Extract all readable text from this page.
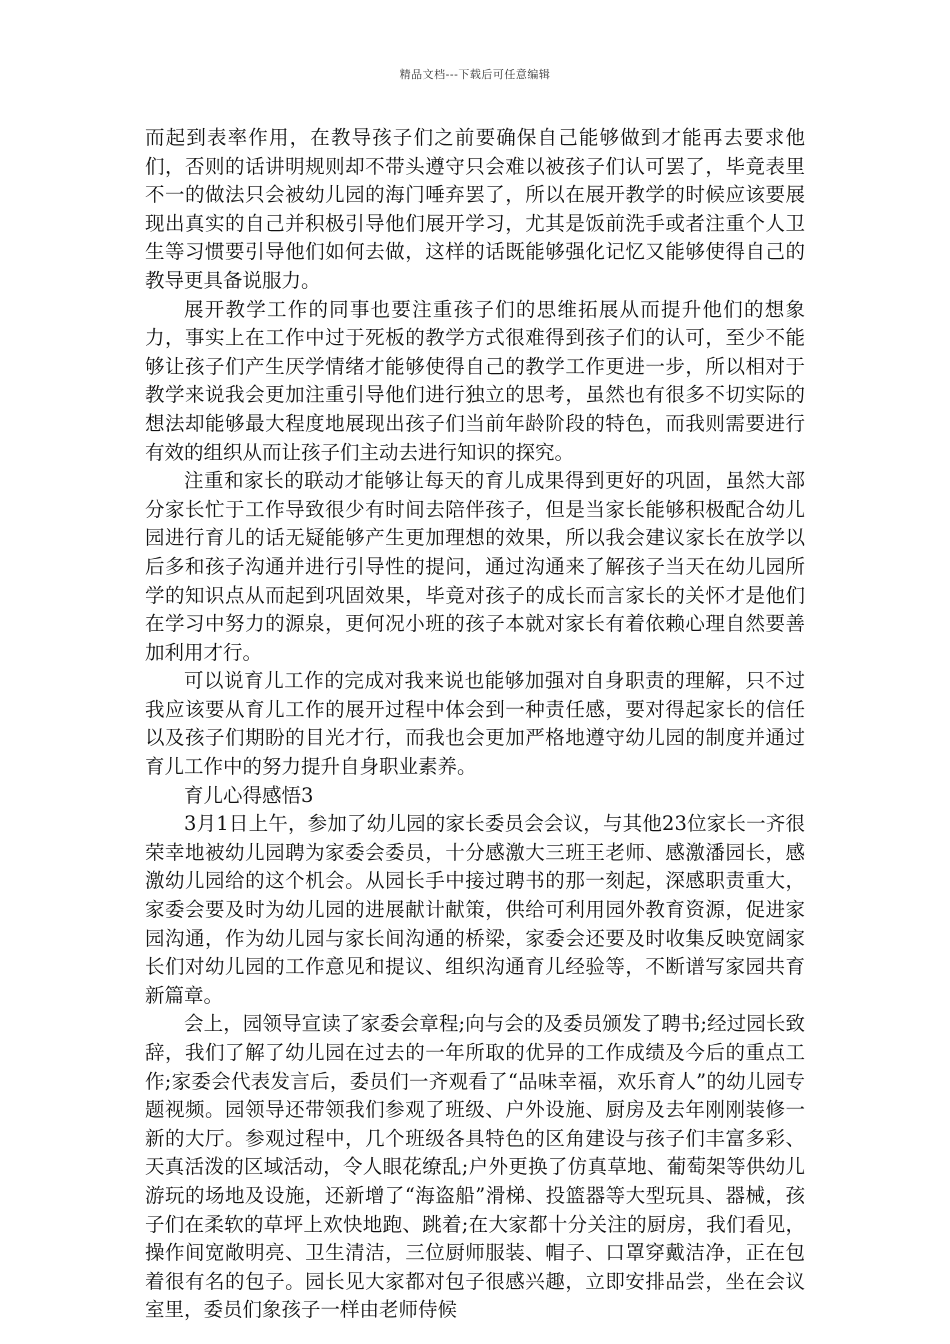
精品文档---下载后可任意编辑

而起到表率作用，在教导孩子们之前要确保自己能够做到才能再去要求他们，否则的话讲明规则却不带头遵守只会难以被孩子们认可罢了，毕竟表里不一的做法只会被幼儿园的海门唾弃罢了，所以在展开教学的时候应该要展现出真实的自己并积极引导他们展开学习，尤其是饭前洗手或者注重个人卫生等习惯要引导他们如何去做，这样的话既能够强化记忆又能够使得自己的教导更具备说服力。

展开教学工作的同事也要注重孩子们的思维拓展从而提升他们的想象力，事实上在工作中过于死板的教学方式很难得到孩子们的认可，至少不能够让孩子们产生厌学情绪才能够使得自己的教学工作更进一步，所以相对于教学来说我会更加注重引导他们进行独立的思考，虽然也有很多不切实际的想法却能够最大程度地展现出孩子们当前年龄阶段的特色，而我则需要进行有效的组织从而让孩子们主动去进行知识的探究。

注重和家长的联动才能够让每天的育儿成果得到更好的巩固，虽然大部分家长忙于工作导致很少有时间去陪伴孩子，但是当家长能够积极配合幼儿园进行育儿的话无疑能够产生更加理想的效果，所以我会建议家长在放学以后多和孩子沟通并进行引导性的提问，通过沟通来了解孩子当天在幼儿园所学的知识点从而起到巩固效果，毕竟对孩子的成长而言家长的关怀才是他们在学习中努力的源泉，更何况小班的孩子本就对家长有着依赖心理自然要善加利用才行。

可以说育儿工作的完成对我来说也能够加强对自身职责的理解，只不过我应该要从育儿工作的展开过程中体会到一种责任感，要对得起家长的信任以及孩子们期盼的目光才行，而我也会更加严格地遵守幼儿园的制度并通过育儿工作中的努力提升自身职业素养。

育儿心得感悟3

3月1日上午，参加了幼儿园的家长委员会会议，与其他23位家长一齐很荣幸地被幼儿园聘为家委会委员，十分感激大三班王老师、感激潘园长，感激幼儿园给的这个机会。从园长手中接过聘书的那一刻起，深感职责重大，家委会要及时为幼儿园的进展献计献策，供给可利用园外教育资源，促进家园沟通，作为幼儿园与家长间沟通的桥梁，家委会还要及时收集反映宽阔家长们对幼儿园的工作意见和提议、组织沟通育儿经验等，不断谱写家园共育新篇章。

会上，园领导宣读了家委会章程;向与会的及委员颁发了聘书;经过园长致辞，我们了解了幼儿园在过去的一年所取的优异的工作成绩及今后的重点工作;家委会代表发言后，委员们一齐观看了“品味幸福，欢乐育人”的幼儿园专题视频。园领导还带领我们参观了班级、户外设施、厨房及去年刚刚装修一新的大厅。参观过程中，几个班级各具特色的区角建设与孩子们丰富多彩、天真活泼的区域活动，令人眼花缭乱;户外更换了仿真草地、葡萄架等供幼儿游玩的场地及设施，还新增了“海盗船”滑梯、投篮器等大型玩具、器械，孩子们在柔软的草坪上欢快地跑、跳着;在大家都十分关注的厨房，我们看见，操作间宽敞明亮、卫生清洁，三位厨师服装、帽子、口罩穿戴洁净，正在包着很有名的包子。园长见大家都对包子很感兴趣，立即安排品尝，坐在会议室里，委员们象孩子一样由老师侍候
